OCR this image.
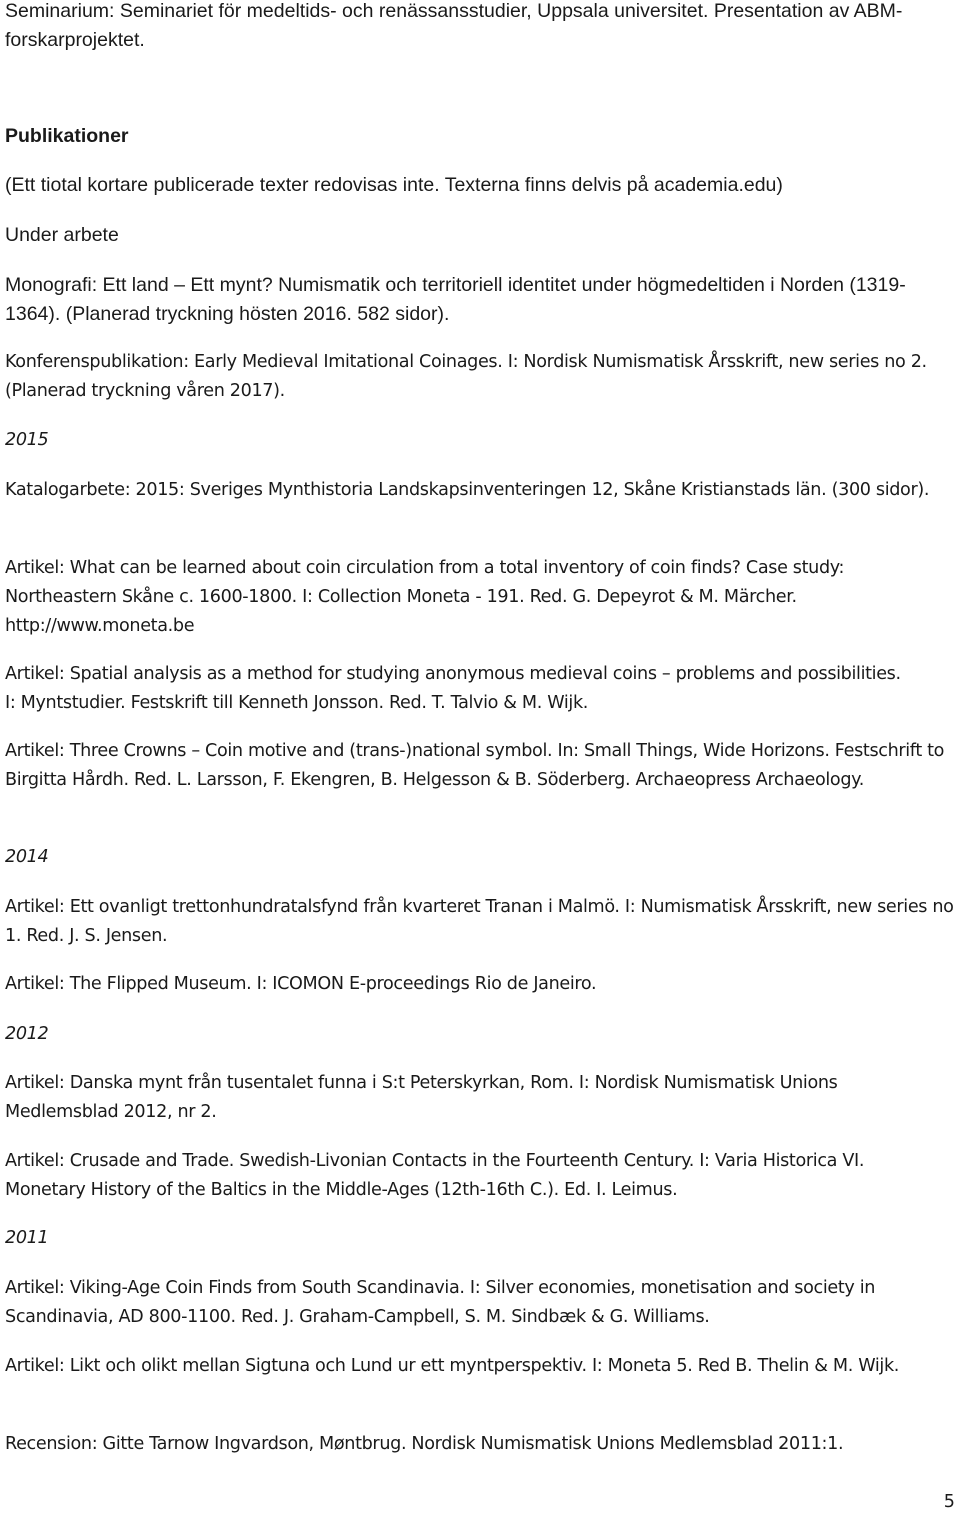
Seminarium: Seminariet för medeltids- och renässansstudier, Uppsala universitet. Presentation av ABM-forskarprojektet.

Publikationer

(Ett tiotal kortare publicerade texter redovisas inte. Texterna finns delvis på academia.edu)

Under arbete

Monografi: Ett land – Ett mynt? Numismatik och territoriell identitet under högmedeltiden i Norden (1319-1364). (Planerad tryckning hösten 2016. 582 sidor).

Konferenspublikation: Early Medieval Imitational Coinages. I: Nordisk Numismatisk Årsskrift, new series no 2. (Planerad tryckning våren 2017).

2015

Katalogarbete: 2015: Sveriges Mynthistoria Landskapsinventeringen 12, Skåne Kristianstads län. (300 sidor).

Artikel: What can be learned about coin circulation from a total inventory of coin finds? Case study: Northeastern Skåne c. 1600-1800. I: Collection Moneta - 191. Red. G. Depeyrot & M. Märcher. http://www.moneta.be

Artikel: Spatial analysis as a method for studying anonymous medieval coins – problems and possibilities. I: Myntstudier. Festskrift till Kenneth Jonsson. Red. T. Talvio & M. Wijk.

Artikel: Three Crowns – Coin motive and (trans-)national symbol. In: Small Things, Wide Horizons. Festschrift to Birgitta Hårdh. Red. L. Larsson, F. Ekengren, B. Helgesson & B. Söderberg. Archaeopress Archaeology.

2014

Artikel: Ett ovanligt trettonhundratalsfynd från kvarteret Tranan i Malmö. I: Numismatisk Årsskrift, new series no 1. Red. J. S. Jensen.

Artikel: The Flipped Museum. I: ICOMON E-proceedings Rio de Janeiro.

2012

Artikel: Danska mynt från tusentalet funna i S:t Peterskyrkan, Rom. I: Nordisk Numismatisk Unions Medlemsblad 2012, nr 2.

Artikel: Crusade and Trade. Swedish-Livonian Contacts in the Fourteenth Century. I: Varia Historica VI. Monetary History of the Baltics in the Middle-Ages (12th-16th C.). Ed. I. Leimus.

2011

Artikel: Viking-Age Coin Finds from South Scandinavia. I: Silver economies, monetisation and society in Scandinavia, AD 800-1100. Red. J. Graham-Campbell, S. M. Sindbæk & G. Williams.

Artikel: Likt och olikt mellan Sigtuna och Lund ur ett myntperspektiv. I: Moneta 5. Red B. Thelin & M. Wijk.

Recension: Gitte Tarnow Ingvardson, Møntbrug. Nordisk Numismatisk Unions Medlemsblad 2011:1.

5
